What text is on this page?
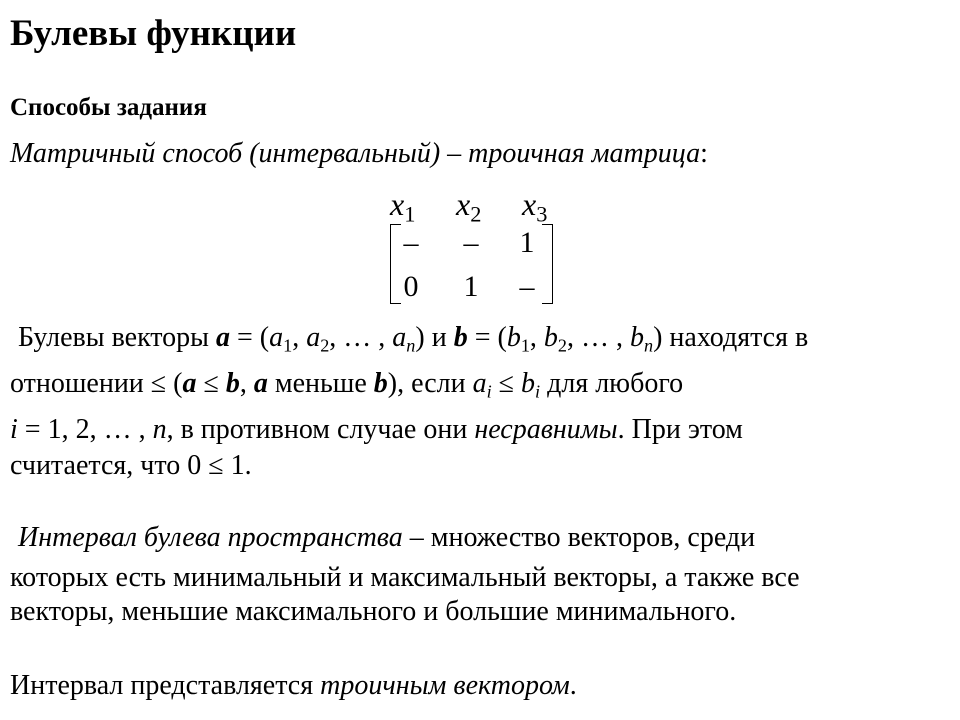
Булевы функции
Способы задания
Матричный способ (интервальный) – троичная матрица:
$x_1$ $x_2$ $x_3$
– – 1
0 1 –
Булевы векторы $a = (a_1$, $a_2$, … , $a_n$) и $b = (b_1$, $b_2$, … , $b_n$) находятся в
отношении ≤ (a ≤ b, a меньше b), если $a_i \le b_i$ для любого
i = 1, 2, … , n, в противном случае они несравнимы. При этом
считается, что 0 ≤ 1.
Интервал булева пространства – множество векторов, среди
которых есть минимальный и максимальный векторы, а также все
векторы, меньшие максимального и большие минимального.
Интервал представляется троичным вектором.
